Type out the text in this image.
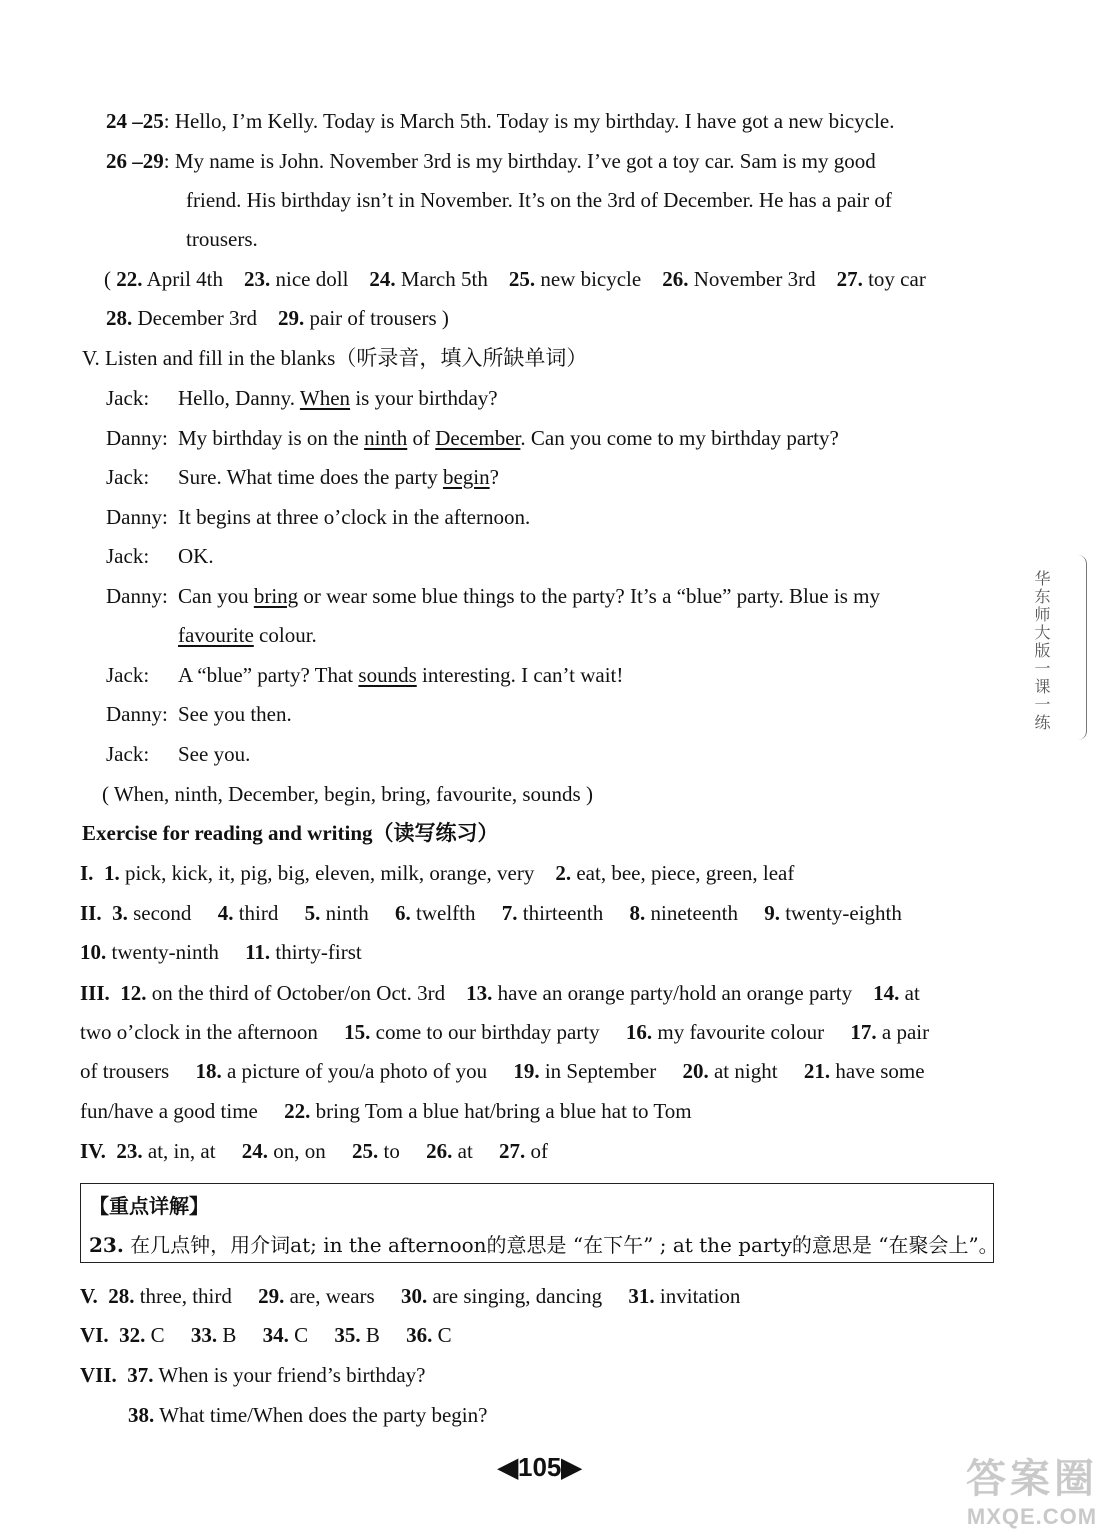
24 –25: Hello, I’m Kelly. Today is March 5th. Today is my birthday. I have got a new bicycle.
26 –29: My name is John. November 3rd is my birthday. I’ve got a toy car. Sam is my good
friend. His birthday isn’t in November. It’s on the 3rd of December. He has a pair of
trousers.
( 22. April 4th 23. nice doll 24. March 5th 25. new bicycle 26. November 3rd 27. toy car
28. December 3rd 29. pair of trousers )
V. Listen and fill in the blanks（听录音，填入所缺单词）
Jack: Hello, Danny. When is your birthday?
Danny: My birthday is on the ninth of December. Can you come to my birthday party?
Jack: Sure. What time does the party begin?
Danny: It begins at three o’clock in the afternoon.
Jack: OK.
Danny: Can you bring or wear some blue things to the party? It’s a “blue” party. Blue is my
favourite colour.
Jack: A “blue” party? That sounds interesting. I can’t wait!
Danny: See you then.
Jack: See you.
( When, ninth, December, begin, bring, favourite, sounds )
Exercise for reading and writing（读写练习）
I. 1. pick, kick, it, pig, big, eleven, milk, orange, very 2. eat, bee, piece, green, leaf
II. 3. second 4. third 5. ninth 6. twelfth 7. thirteenth 8. nineteenth 9. twenty-eighth
10. twenty-ninth 11. thirty-first
III. 12. on the third of October/on Oct. 3rd 13. have an orange party/hold an orange party 14. at
two o’clock in the afternoon 15. come to our birthday party 16. my favourite colour 17. a pair
of trousers 18. a picture of you/a photo of you 19. in September 20. at night 21. have some
fun/have a good time 22. bring Tom a blue hat/bring a blue hat to Tom
IV. 23. at, in, at 24. on, on 25. to 26. at 27. of
【重点详解】
23. 在几点钟，用介词at; in the afternoon的意思是 “在下午” ; at the party的意思是 “在聚会上”。
V. 28. three, third 29. are, wears 30. are singing, dancing 31. invitation
VI. 32. C 33. B 34. C 35. B 36. C
VII. 37. When is your friend’s birthday?
38. What time/When does the party begin?
华东师大版一课一练
◀105▶	答案圈
MXQE.COM
